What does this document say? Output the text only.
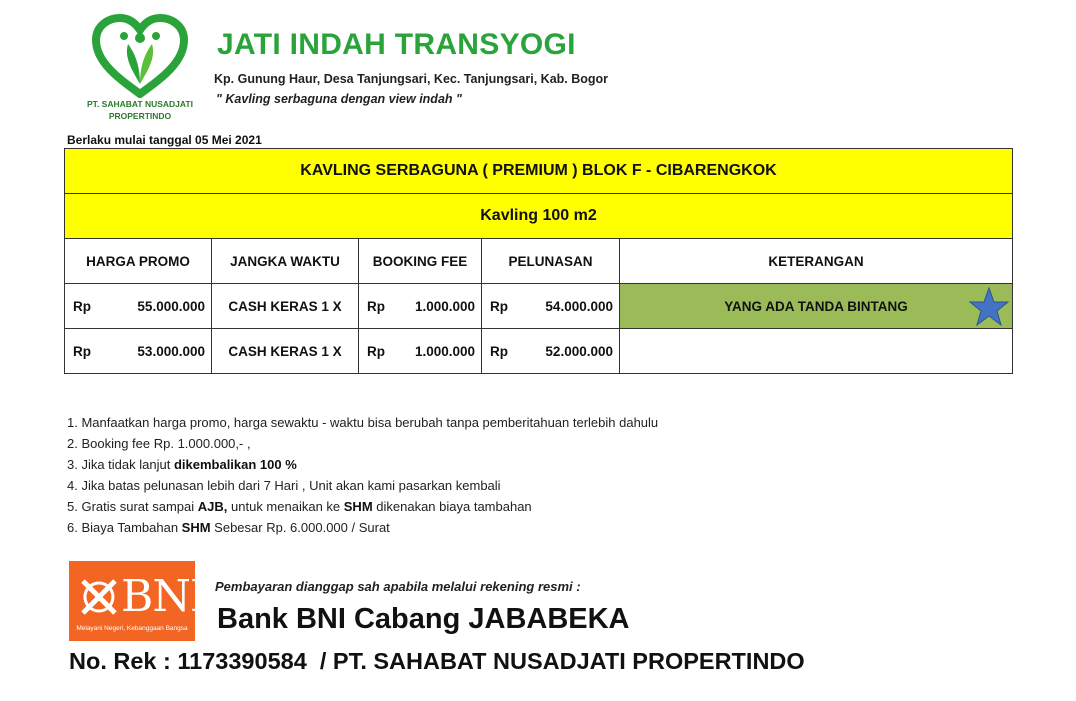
PT. SAHABAT NUSADJATI
PROPERTINDO
JATI INDAH TRANSYOGI
Kp. Gunung Haur, Desa Tanjungsari, Kec. Tanjungsari, Kab. Bogor
" Kavling serbaguna dengan view indah "
Berlaku mulai tanggal 05 Mei 2021
KAVLING SERBAGUNA ( PREMIUM ) BLOK F - CIBARENGKOK				
Kavling 100 m2				
HARGA PROMO	JANGKA WAKTU	BOOKING FEE	PELUNASAN	KETERANGAN

Rp 55.000.000	CASH KERAS 1 X	Rp 1.000.000	Rp 54.000.000	YANG ADA TANDA BINTANG

Rp 53.000.000	CASH KERAS 1 X	Rp 1.000.000	Rp 52.000.000	

1. Manfaatkan harga promo, harga sewaktu - waktu bisa berubah tanpa pemberitahuan terlebih dahulu
2. Booking fee Rp. 1.000.000,- ,
3. Jika tidak lanjut dikembalikan 100 %
4. Jika batas pelunasan lebih dari 7 Hari , Unit akan kami pasarkan kembali
5. Gratis surat sampai AJB, untuk menaikan ke SHM dikenakan biaya tambahan
6. Biaya Tambahan SHM Sebesar Rp. 6.000.000 / Surat
BNI
Melayani Negeri, Kebanggaan Bangsa
Pembayaran dianggap sah apabila melalui rekening resmi :
Bank BNI Cabang JABABEKA
No. Rek : 1173390584  / PT. SAHABAT NUSADJATI PROPERTINDO
